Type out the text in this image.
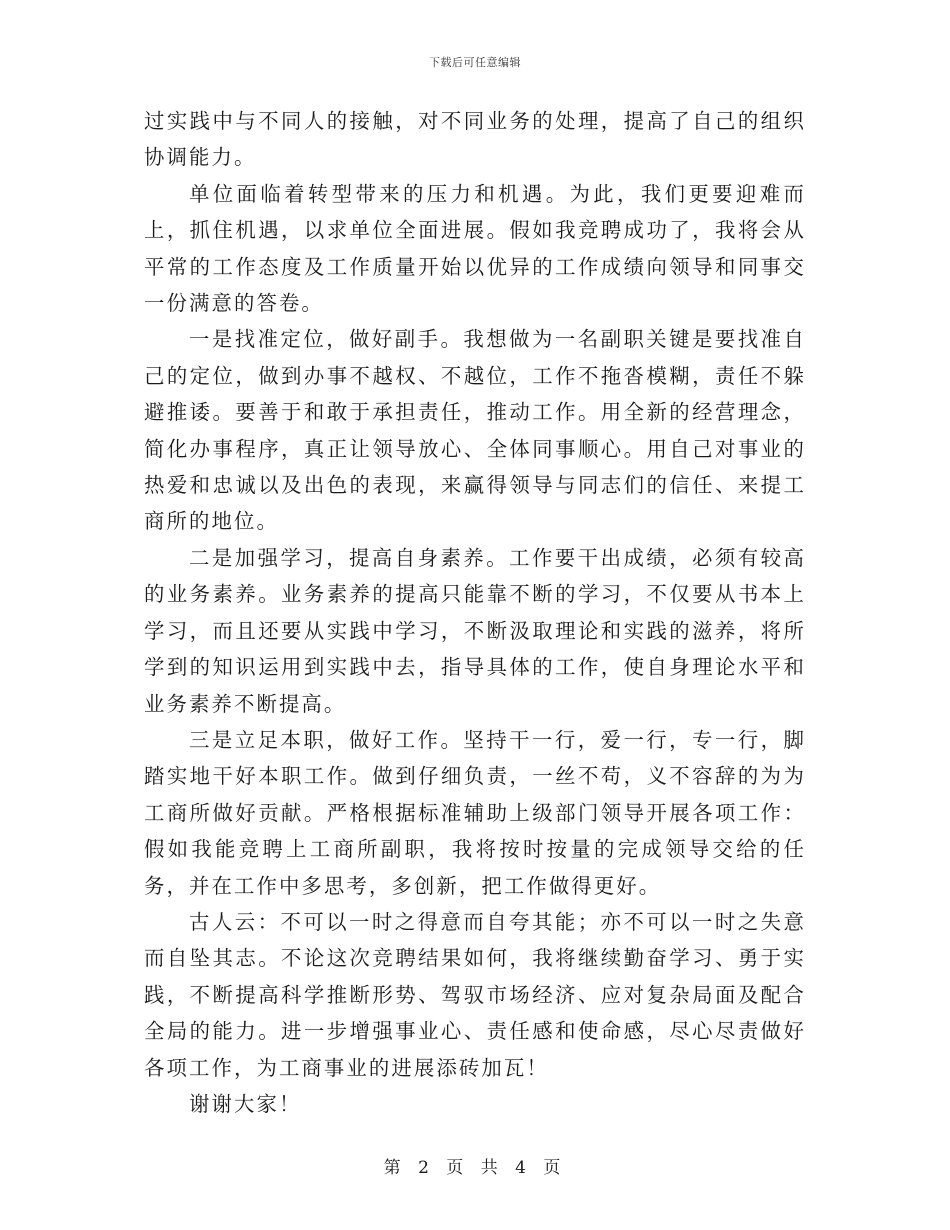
下载后可任意编辑

过实践中与不同人的接触，对不同业务的处理，提高了自己的组织协调能力。

单位面临着转型带来的压力和机遇。为此，我们更要迎难而上，抓住机遇，以求单位全面进展。假如我竞聘成功了，我将会从平常的工作态度及工作质量开始以优异的工作成绩向领导和同事交一份满意的答卷。

一是找准定位，做好副手。我想做为一名副职关键是要找准自己的定位，做到办事不越权、不越位，工作不拖沓模糊，责任不躲避推诿。要善于和敢于承担责任，推动工作。用全新的经营理念，简化办事程序，真正让领导放心、全体同事顺心。用自己对事业的热爱和忠诚以及出色的表现，来赢得领导与同志们的信任、来提工商所的地位。

二是加强学习，提高自身素养。工作要干出成绩，必须有较高的业务素养。业务素养的提高只能靠不断的学习，不仅要从书本上学习，而且还要从实践中学习，不断汲取理论和实践的滋养，将所学到的知识运用到实践中去，指导具体的工作，使自身理论水平和业务素养不断提高。

三是立足本职，做好工作。坚持干一行，爱一行，专一行，脚踏实地干好本职工作。做到仔细负责，一丝不苟，义不容辞的为为工商所做好贡献。严格根据标准辅助上级部门领导开展各项工作：假如我能竞聘上工商所副职，我将按时按量的完成领导交给的任务，并在工作中多思考，多创新，把工作做得更好。

古人云：不可以一时之得意而自夸其能；亦不可以一时之失意而自坠其志。不论这次竞聘结果如何，我将继续勤奋学习、勇于实践，不断提高科学推断形势、驾驭市场经济、应对复杂局面及配合全局的能力。进一步增强事业心、责任感和使命感，尽心尽责做好各项工作，为工商事业的进展添砖加瓦！

谢谢大家！

第 2 页 共 4 页
